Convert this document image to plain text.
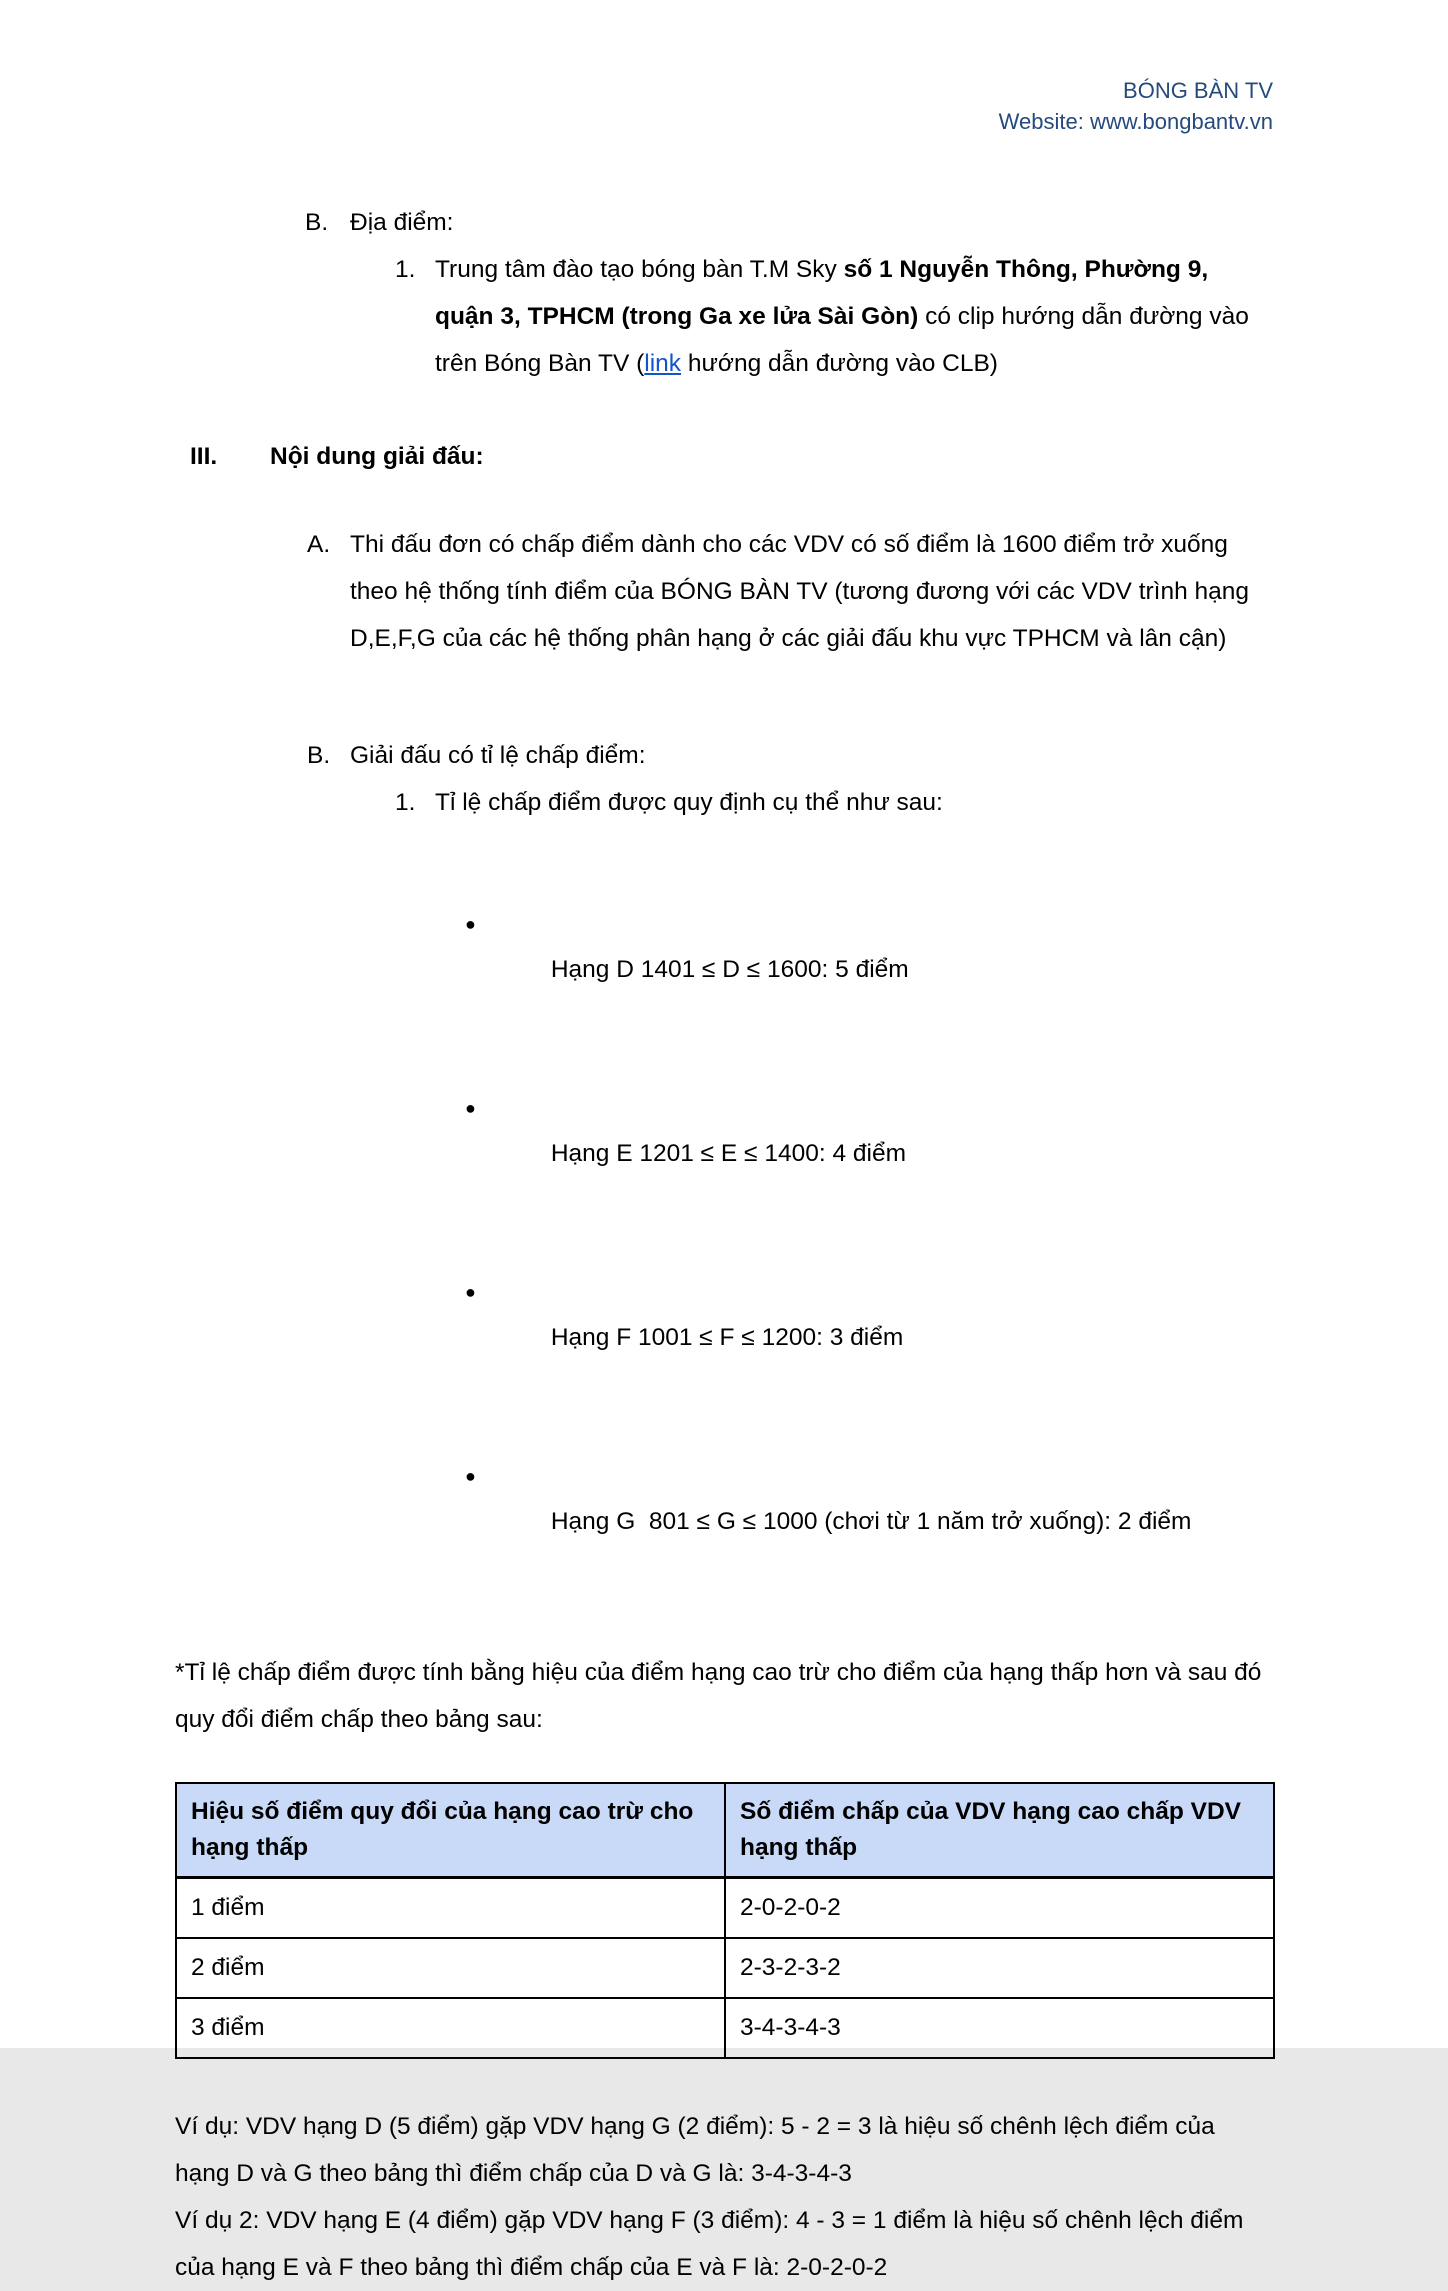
BÓNG BÀN TV
Website: www.bongbantv.vn
B. Địa điểm:
1. Trung tâm đào tạo bóng bàn T.M Sky số 1 Nguyễn Thông, Phường 9, quận 3, TPHCM (trong Ga xe lửa Sài Gòn) có clip hướng dẫn đường vào trên Bóng Bàn TV (link hướng dẫn đường vào CLB)
III. Nội dung giải đấu:
A. Thi đấu đơn có chấp điểm dành cho các VDV có số điểm là 1600 điểm trở xuống theo hệ thống tính điểm của BÓNG BÀN TV (tương đương với các VDV trình hạng D,E,F,G của các hệ thống phân hạng ở các giải đấu khu vực TPHCM và lân cận)
B. Giải đấu có tỉ lệ chấp điểm:
1. Tỉ lệ chấp điểm được quy định cụ thể như sau:

●

Hạng D 1401 ≤ D ≤ 1600: 5 điểm

●

Hạng E 1201 ≤ E ≤ 1400: 4 điểm

●

Hạng F 1001 ≤ F ≤ 1200: 3 điểm

●

Hạng G  801 ≤ G ≤ 1000 (chơi từ 1 năm trở xuống): 2 điểm

*Tỉ lệ chấp điểm được tính bằng hiệu của điểm hạng cao trừ cho điểm của hạng thấp hơn và sau đó quy đổi điểm chấp theo bảng sau:
Hiệu số điểm quy đổi của hạng cao trừ cho hạng thấp	Số điểm chấp của VDV hạng cao chấp VDV hạng thấp
1 điểm	2-0-2-0-2
2 điểm	2-3-2-3-2
3 điểm	3-4-3-4-3

Ví dụ: VDV hạng D (5 điểm) gặp VDV hạng G (2 điểm): 5 - 2 = 3 là hiệu số chênh lệch điểm của hạng D và G theo bảng thì điểm chấp của D và G là: 3-4-3-4-3

Ví dụ 2: VDV hạng E (4 điểm) gặp VDV hạng F (3 điểm): 4 - 3 = 1 điểm là hiệu số chênh lệch điểm của hạng E và F theo bảng thì điểm chấp của E và F là: 2-0-2-0-2
